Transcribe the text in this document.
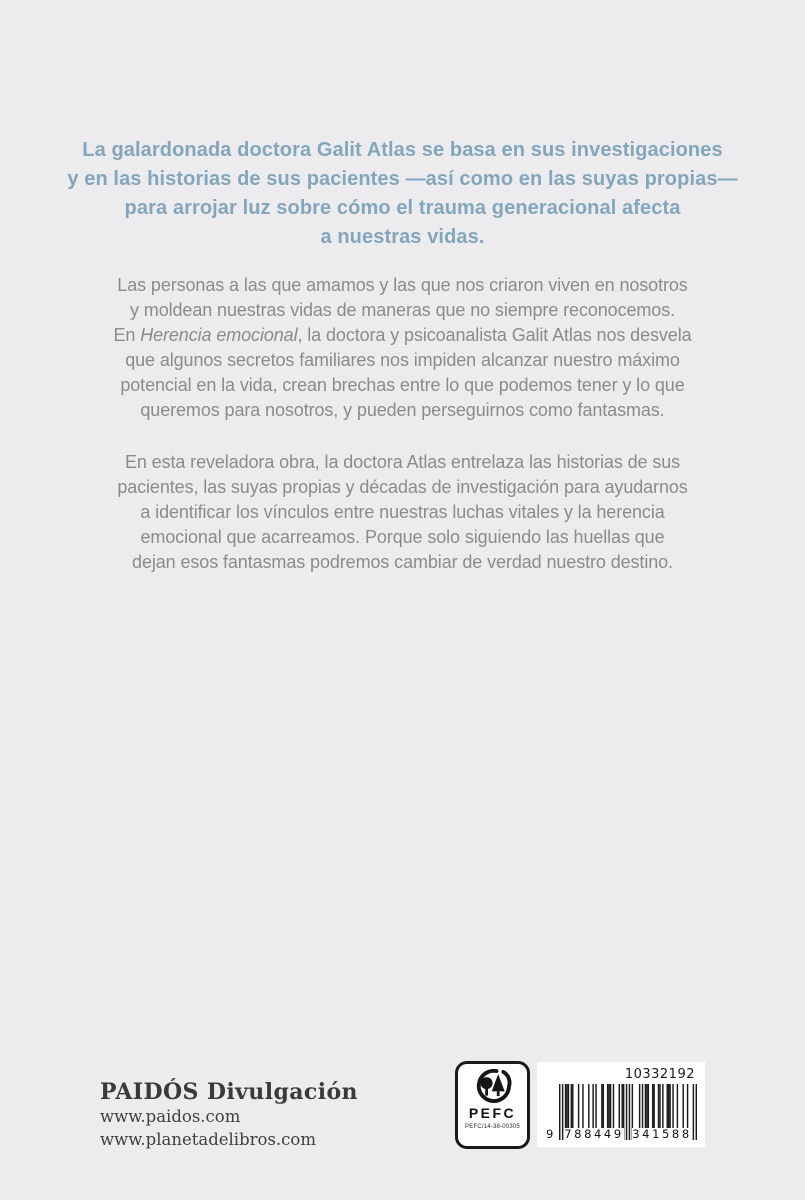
La galardonada doctora Galit Atlas se basa en sus investigaciones
y en las historias de sus pacientes —así como en las suyas propias—
para arrojar luz sobre cómo el trauma generacional afecta
a nuestras vidas.
Las personas a las que amamos y las que nos criaron viven en nosotros
y moldean nuestras vidas de maneras que no siempre reconocemos.
En Herencia emocional, la doctora y psicoanalista Galit Atlas nos desvela
que algunos secretos familiares nos impiden alcanzar nuestro máximo
potencial en la vida, crean brechas entre lo que podemos tener y lo que
queremos para nosotros, y pueden perseguirnos como fantasmas.
En esta reveladora obra, la doctora Atlas entrelaza las historias de sus
pacientes, las suyas propias y décadas de investigación para ayudarnos
a identificar los vínculos entre nuestras luchas vitales y la herencia
emocional que acarreamos. Porque solo siguiendo las huellas que
dejan esos fantasmas podremos cambiar de verdad nuestro destino.
PAIDÓS Divulgación
www.paidos.com
www.planetadelibros.com
PEFC
PEFC/14-38-00305
10332192
9 788449 341588
